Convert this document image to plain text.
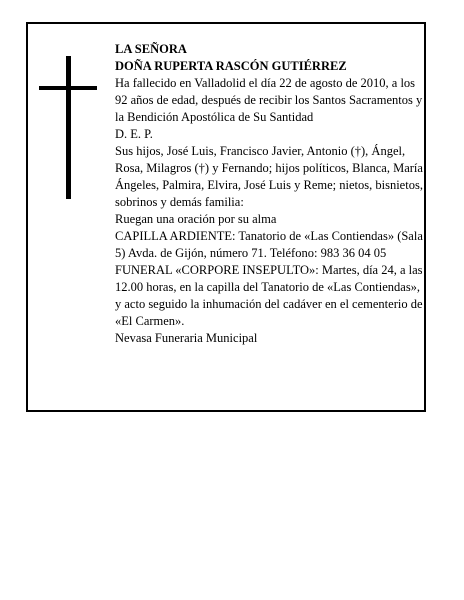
LA SEÑORA

DOÑA RUPERTA RASCÓN GUTIÉRREZ

Ha fallecido en Valladolid el día 22 de agosto de 2010, a los 92 años de edad, después de recibir los Santos Sacramentos y la Bendición Apostólica de Su Santidad

D. E. P.

Sus hijos, José Luis, Francisco Javier, Antonio (†), Ángel, Rosa, Milagros (†) y Fernando; hijos políticos, Blanca, María Ángeles, Palmira, Elvira, José Luis y Reme; nietos, bisnietos, sobrinos y demás familia:

Ruegan una oración por su alma

CAPILLA ARDIENTE: Tanatorio de «Las Contiendas» (Sala 5) Avda. de Gijón, número 71. Teléfono: 983 36 04 05

FUNERAL «CORPORE INSEPULTO»: Martes, día 24, a las 12.00 horas, en la capilla del Tanatorio de «Las Contiendas», y acto seguido la inhumación del cadáver en el cementerio de «El Carmen».

Nevasa Funeraria Municipal
